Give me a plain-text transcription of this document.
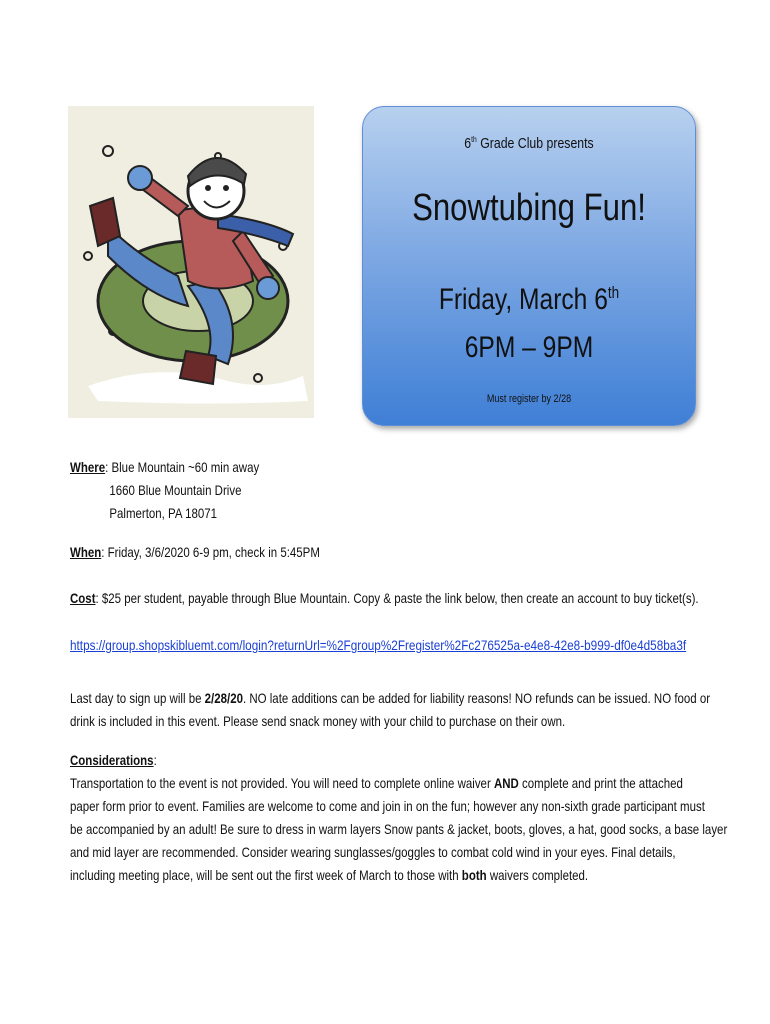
6th Grade Club presents
Snowtubing Fun!
Friday, March 6th
6PM – 9PM
Must register by 2/28
Where: Blue Mountain ~60 min away
1660 Blue Mountain Drive
Palmerton, PA 18071
When: Friday, 3/6/2020 6-9 pm, check in 5:45PM
Cost: $25 per student, payable through Blue Mountain. Copy & paste the link below, then create an account to buy ticket(s).
https://group.shopskibluemt.com/login?returnUrl=%2Fgroup%2Fregister%2Fc276525a-e4e8-42e8-b999-df0e4d58ba3f
Last day to sign up will be 2/28/20. NO late additions can be added for liability reasons! NO refunds can be issued. NO food or
drink is included in this event. Please send snack money with your child to purchase on their own.
Considerations:
Transportation to the event is not provided. You will need to complete online waiver AND complete and print the attached
paper form prior to event. Families are welcome to come and join in on the fun; however any non-sixth grade participant must
be accompanied by an adult! Be sure to dress in warm layers Snow pants & jacket, boots, gloves, a hat, good socks, a base layer
and mid layer are recommended. Consider wearing sunglasses/goggles to combat cold wind in your eyes. Final details,
including meeting place, will be sent out the first week of March to those with both waivers completed.
